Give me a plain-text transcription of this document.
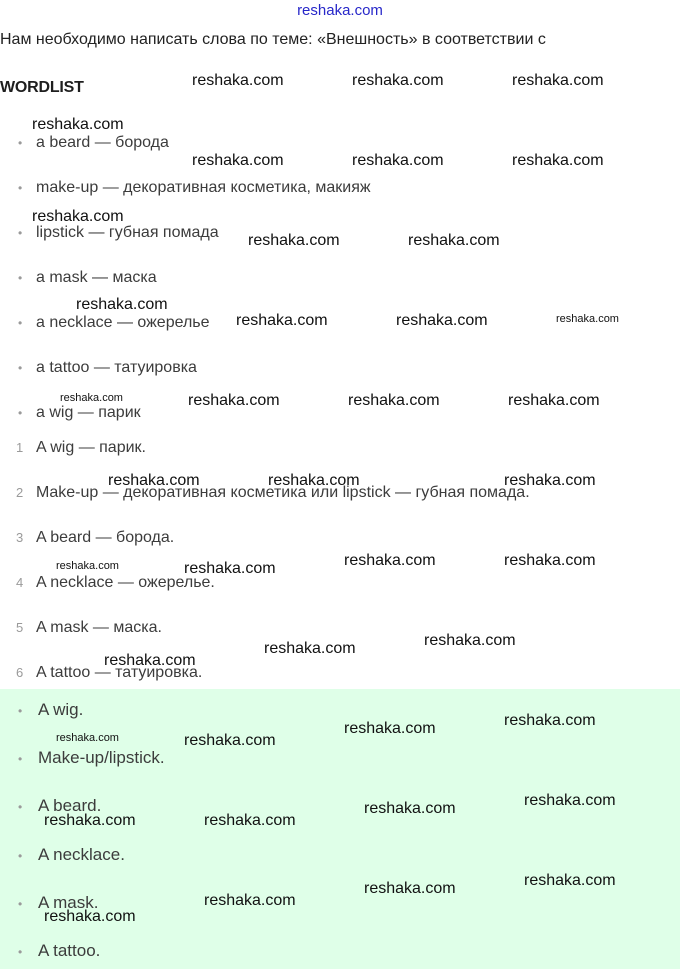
reshaka.com
Нам необходимо написать слова по теме: «Внешность» в соответствии с
WORDLIST
• a beard — борода
• make-up — декоративная косметика, макияж
• lipstick — губная помада
• a mask — маска
• a necklace — ожерелье
• a tattoo — татуировка
• a wig — парик
1 A wig — парик.
2 Make-up — декоративная косметика или lipstick — губная помада.
3 A beard — борода.
4 A necklace — ожерелье.
5 A mask — маска.
6 A tattoo — татуировка.
• A wig.
• Make-up/lipstick.
• A beard.
• A necklace.
• A mask.
• A tattoo.
reshaka.com	reshaka.com	reshaka.com
reshaka.com
reshaka.com	reshaka.com	reshaka.com
reshaka.com
reshaka.com	reshaka.com
reshaka.com
reshaka.com	reshaka.com	reshaka.com
reshaka.com	reshaka.com	reshaka.com	reshaka.com
reshaka.com	reshaka.com	reshaka.com
reshaka.com	reshaka.com
reshaka.com	reshaka.com
reshaka.com
reshaka.com
reshaka.com
reshaka.com
reshaka.com
reshaka.com	reshaka.com
reshaka.com
reshaka.com
reshaka.com	reshaka.com
reshaka.com
reshaka.com
reshaka.com
reshaka.com
